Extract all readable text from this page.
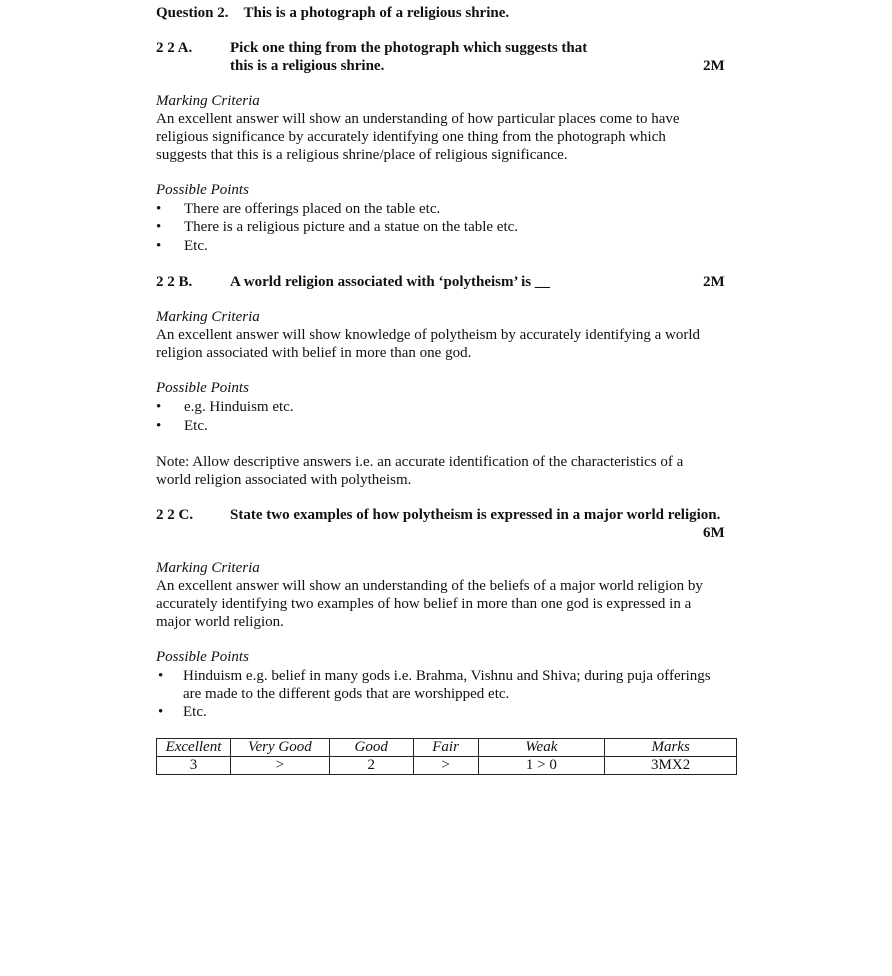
Question 2. This is a photograph of a religious shrine.
2 2 A.	Pick one thing from the photograph which suggests that
this is a religious shrine.	2M
Marking Criteria
An excellent answer will show an understanding of how particular places come to have
religious significance by accurately identifying one thing from the photograph which
suggests that this is a religious shrine/place of religious significance.
Possible Points
• There are offerings placed on the table etc.
• There is a religious picture and a statue on the table etc.
• Etc.
2 2 B.	A world religion associated with ‘polytheism’ is __	2M
Marking Criteria
An excellent answer will show knowledge of polytheism by accurately identifying a world
religion associated with belief in more than one god.
Possible Points
• e.g. Hinduism etc.
• Etc.
Note: Allow descriptive answers i.e. an accurate identification of the characteristics of a
world religion associated with polytheism.
2 2 C. State two examples of how polytheism is expressed in a major world religion.
6M
Marking Criteria
An excellent answer will show an understanding of the beliefs of a major world religion by
accurately identifying two examples of how belief in more than one god is expressed in a
major world religion.
Possible Points
• Hinduism e.g. belief in many gods i.e. Brahma, Vishnu and Shiva; during puja offerings
are made to the different gods that are worshipped etc.
• Etc.
Excellent	Very Good	Good	Fair	Weak	Marks
3	>	2	>	1 > 0	3MX2
